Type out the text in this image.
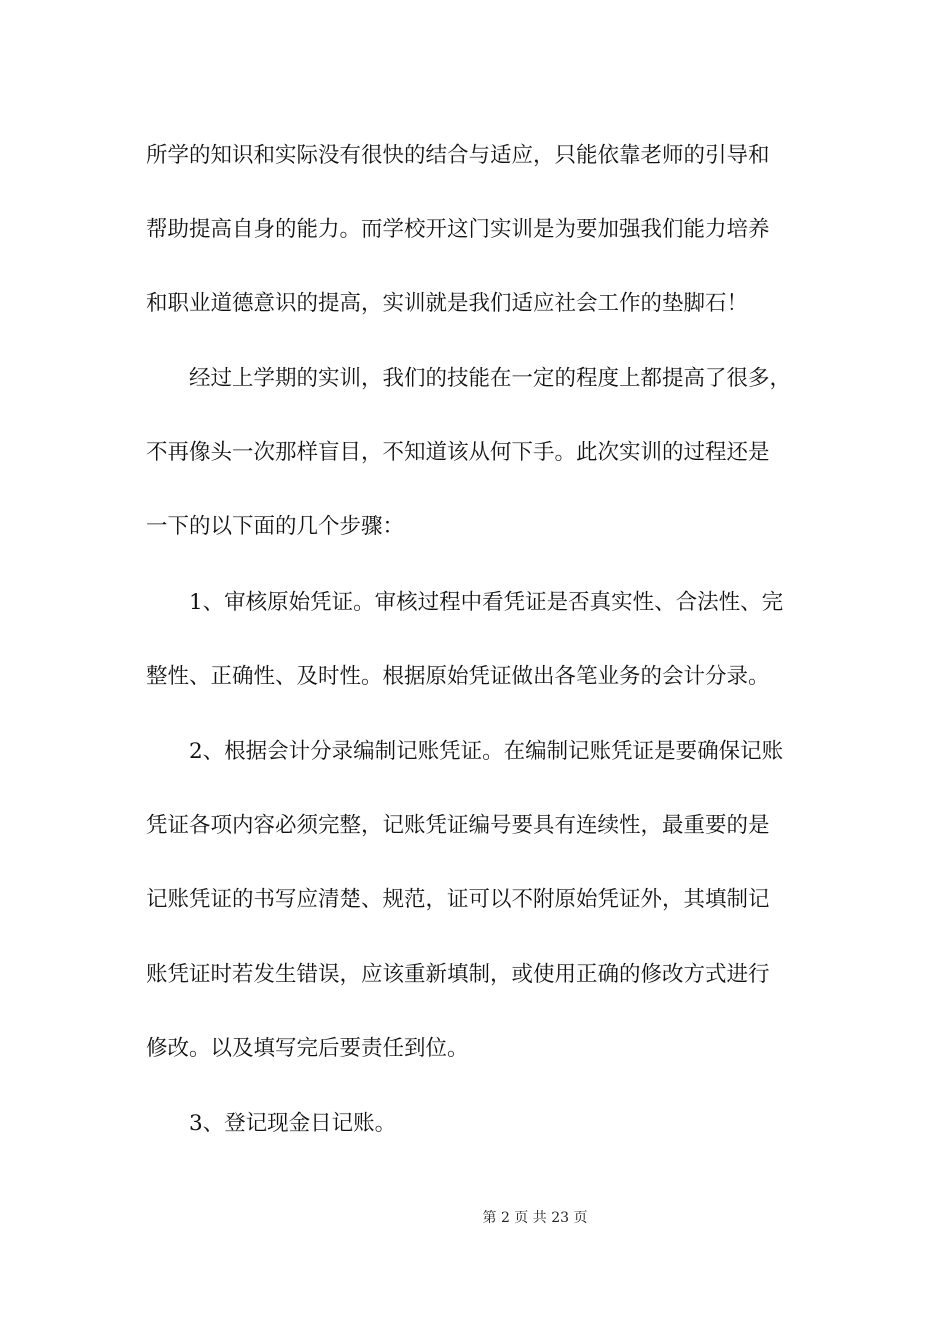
所学的知识和实际没有很快的结合与适应，只能依靠老师的引导和
帮助提高自身的能力。而学校开这门实训是为要加强我们能力培养
和职业道德意识的提高，实训就是我们适应社会工作的垫脚石！
经过上学期的实训，我们的技能在一定的程度上都提高了很多，
不再像头一次那样盲目，不知道该从何下手。此次实训的过程还是
一下的以下面的几个步骤：
1、审核原始凭证。审核过程中看凭证是否真实性、合法性、完
整性、正确性、及时性。根据原始凭证做出各笔业务的会计分录。
2、根据会计分录编制记账凭证。在编制记账凭证是要确保记账
凭证各项内容必须完整，记账凭证编号要具有连续性，最重要的是
记账凭证的书写应清楚、规范，证可以不附原始凭证外，其填制记
账凭证时若发生错误，应该重新填制，或使用正确的修改方式进行
修改。以及填写完后要责任到位。
3、登记现金日记账。
第 2 页 共 23 页
